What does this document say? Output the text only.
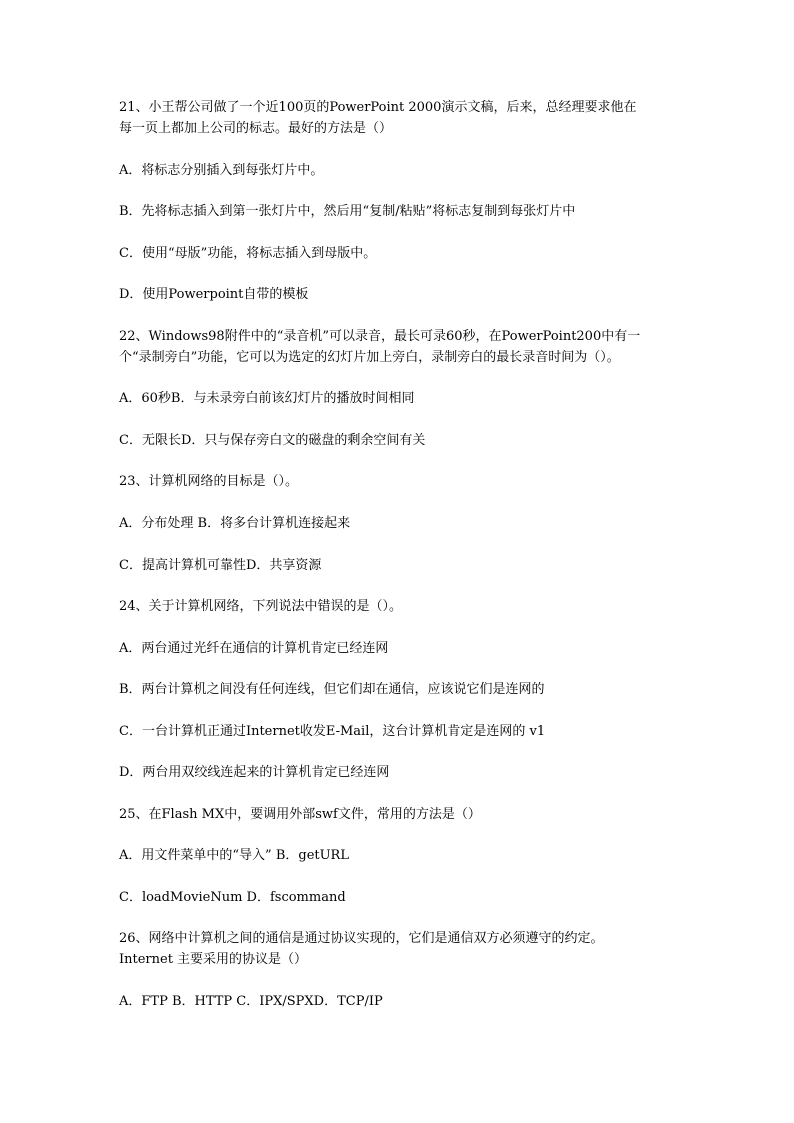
21、小王帮公司做了一个近100页的PowerPoint 2000演示文稿，后来，总经理要求他在
每一页上都加上公司的标志。最好的方法是（）
A．将标志分别插入到每张灯片中。
B．先将标志插入到第一张灯片中，然后用“复制/粘贴”将标志复制到每张灯片中
C．使用“母版”功能，将标志插入到母版中。
D．使用Powerpoint自带的模板
22、Windows98附件中的“录音机”可以录音，最长可录60秒，在PowerPoint200中有一
个“录制旁白”功能，它可以为选定的幻灯片加上旁白，录制旁白的最长录音时间为（）。
A．60秒B．与未录旁白前该幻灯片的播放时间相同
C．无限长D．只与保存旁白文的磁盘的剩余空间有关
23、计算机网络的目标是（）。
A．分布处理 B．将多台计算机连接起来
C．提高计算机可靠性D．共享资源
24、关于计算机网络，下列说法中错误的是（）。
A．两台通过光纤在通信的计算机肯定已经连网
B．两台计算机之间没有任何连线，但它们却在通信，应该说它们是连网的
C．一台计算机正通过Internet收发E-Mail，这台计算机肯定是连网的 v1
D．两台用双绞线连起来的计算机肯定已经连网
25、在Flash MX中，要调用外部swf文件，常用的方法是（）
A．用文件菜单中的“导入” B．getURL
C．loadMovieNum D．fscommand
26、网络中计算机之间的通信是通过协议实现的，它们是通信双方必须遵守的约定。
Internet 主要采用的协议是（）
A．FTP B．HTTP C．IPX/SPXD．TCP/IP
